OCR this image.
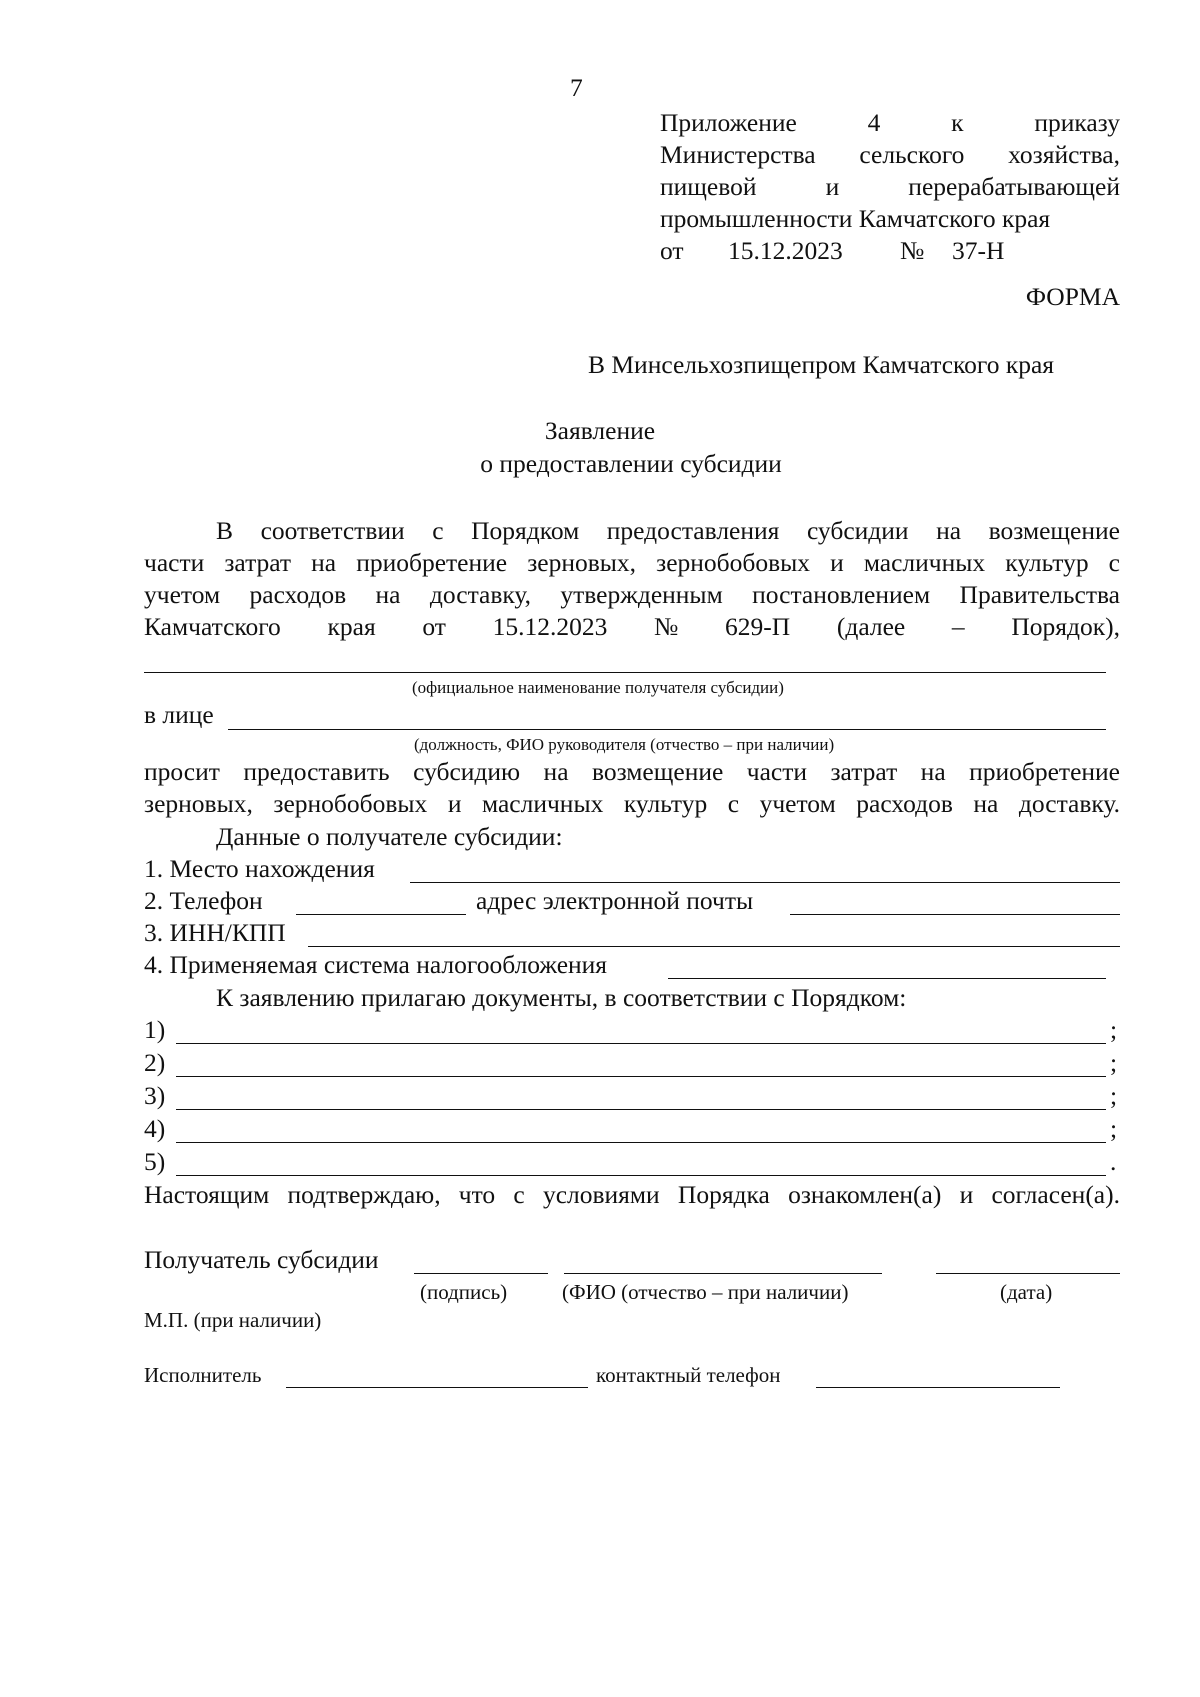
7
Приложение	4	к	приказу
Министерства сельского хозяйства,
пищевой	и	перерабатывающей
промышленности Камчатского края
от 15.12.2023 № 37-Н
ФОРМА
В Минсельхозпищепром Камчатского края
Заявление
о предоставлении субсидии
В соответствии с Порядком предоставления субсидии на возмещение
части затрат на приобретение зерновых, зернобобовых и масличных культур с
учетом расходов на доставку, утвержденным постановлением Правительства
Камчатского края от 15.12.2023 № 629-П (далее – Порядок),
(официальное наименование получателя субсидии)
в лице
(должность, ФИО руководителя (отчество – при наличии)
просит предоставить субсидию на возмещение части затрат на приобретение
зерновых, зернобобовых и масличных культур с учетом расходов на доставку.
Данные о получателе субсидии:
1. Место нахождения
2. Телефон	адрес электронной почты
3. ИНН/КПП
4. Применяемая система налогообложения
К заявлению прилагаю документы, в соответствии с Порядком:
1)	;
2)	;
3)	;
4)	;
5)	.
Настоящим подтверждаю, что с условиями Порядка ознакомлен(а) и согласен(а).
Получатель субсидии
(подпись)	(ФИО (отчество – при наличии)	(дата)
М.П. (при наличии)
Исполнитель	контактный телефон
